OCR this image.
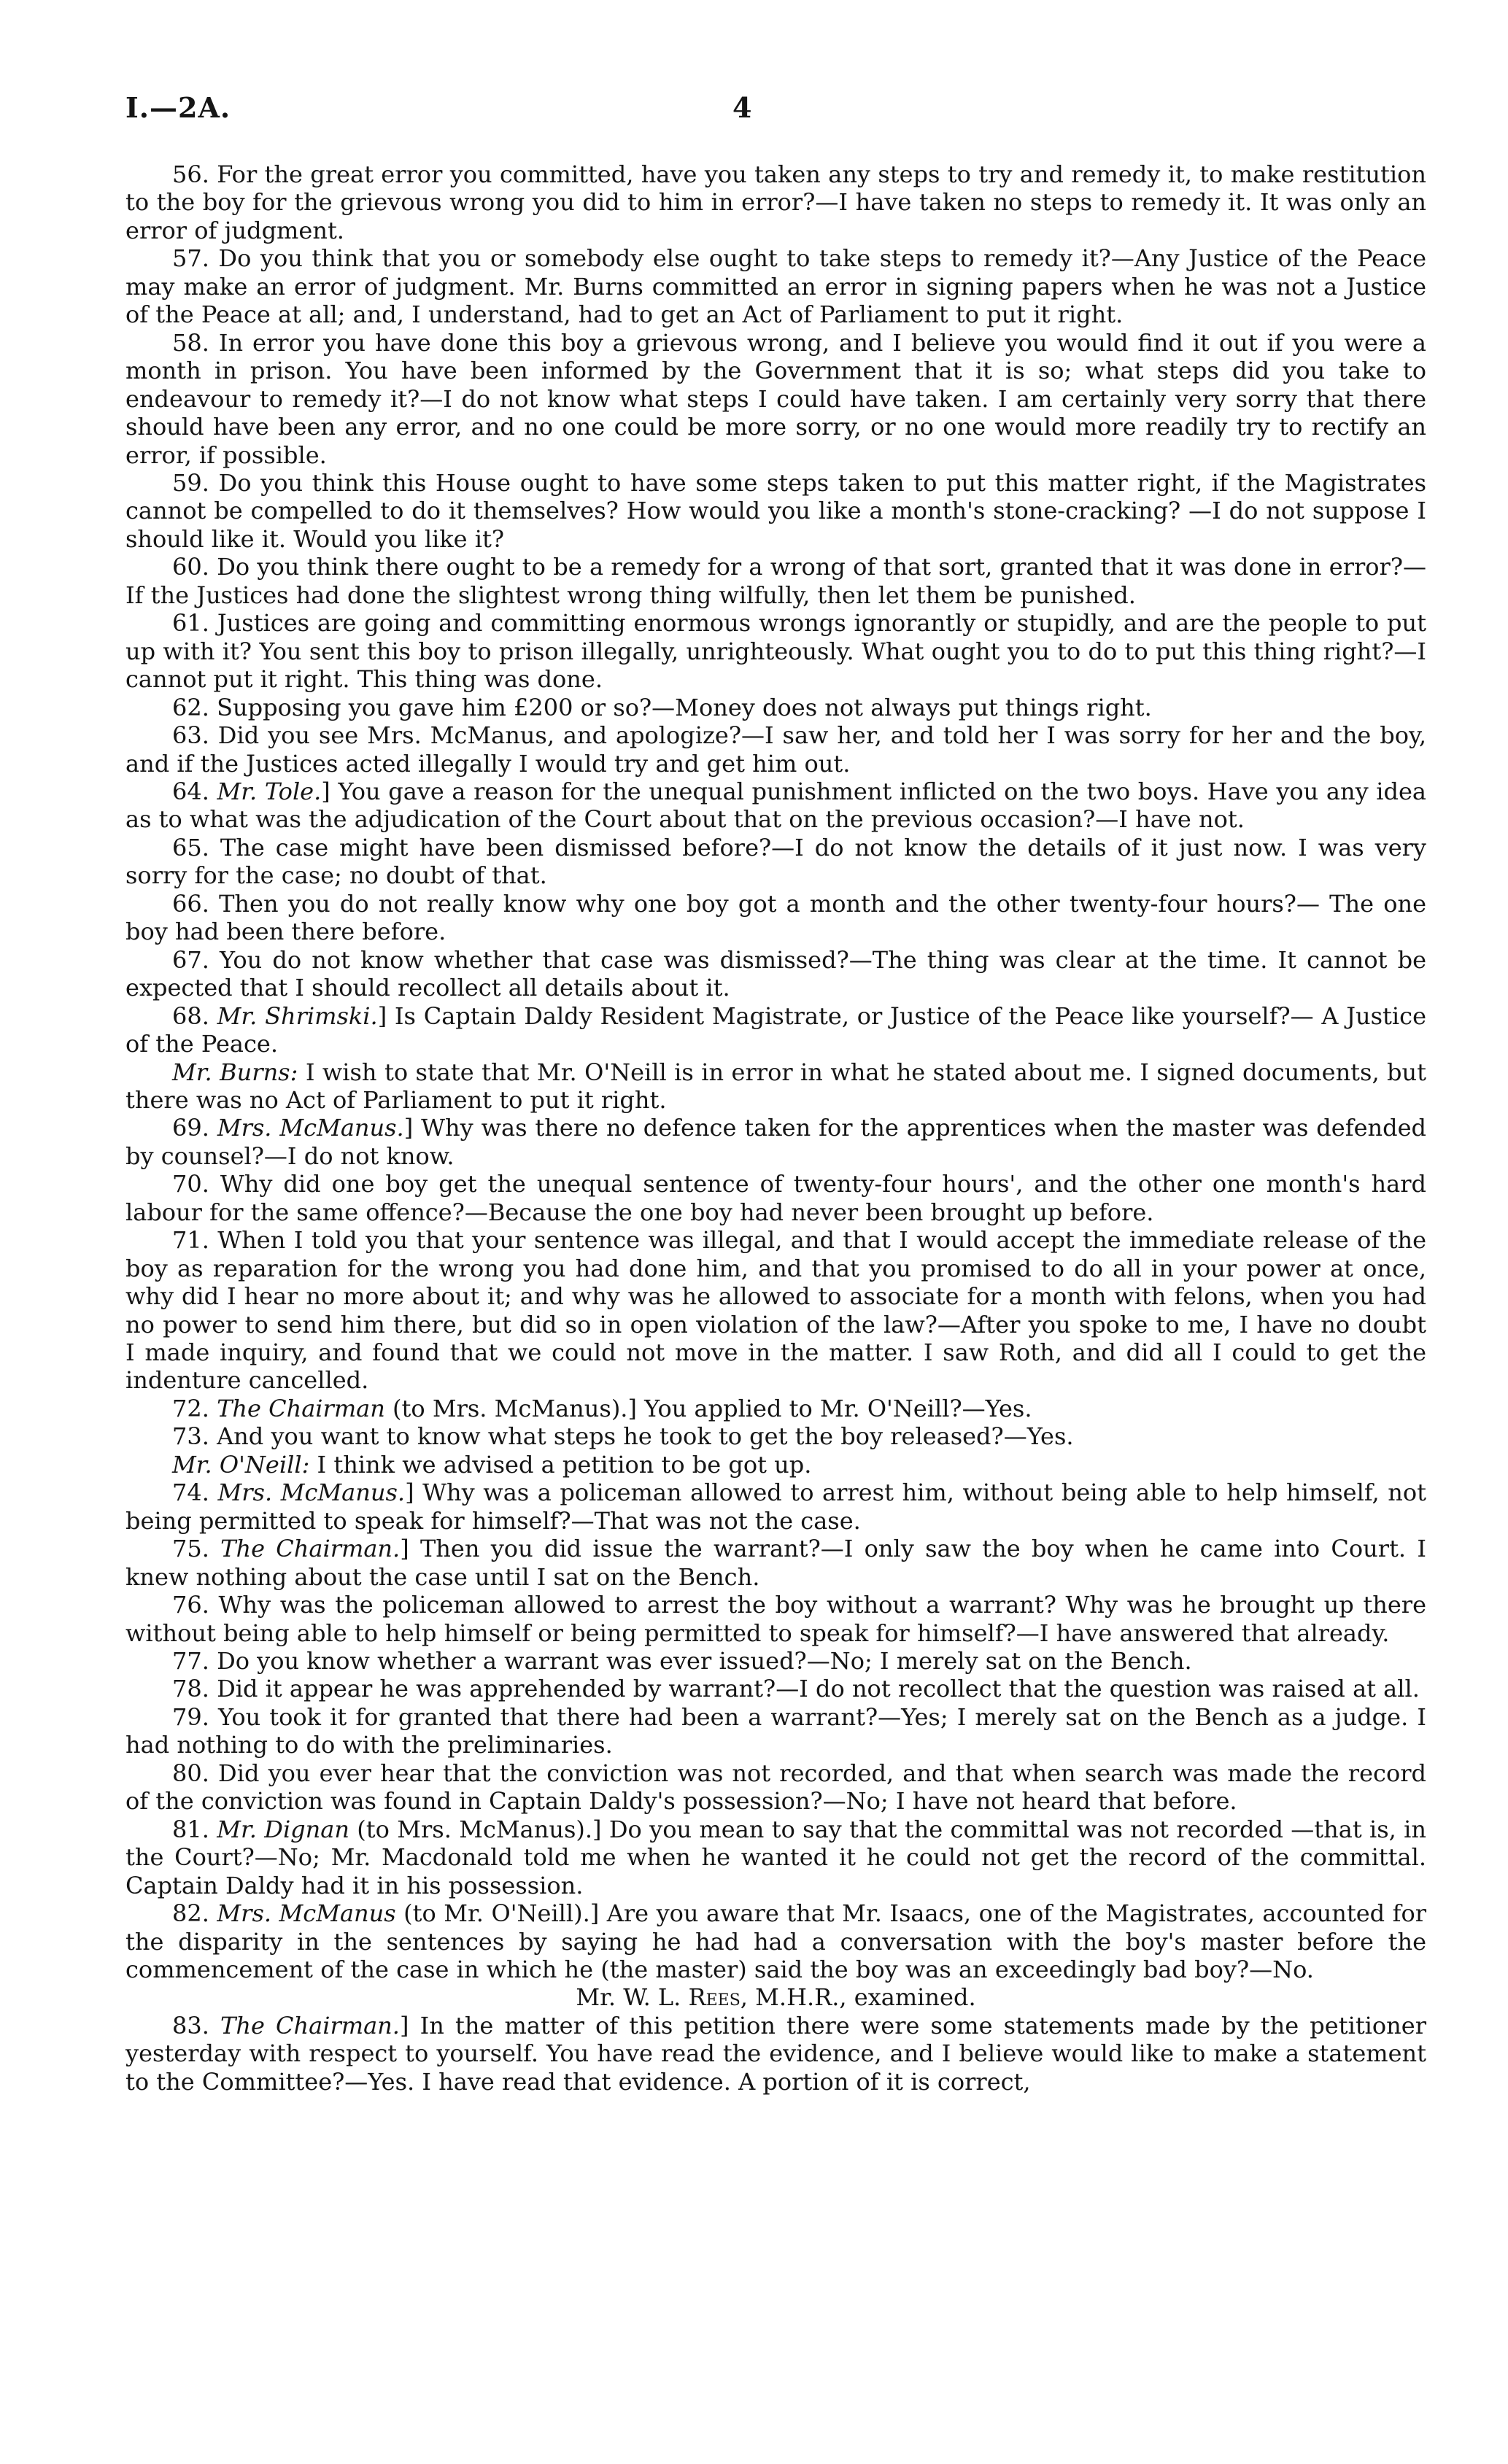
I.—2A.	4

56. For the great error you committed, have you taken any steps to try and remedy it, to make restitution to the boy for the grievous wrong you did to him in error?—I have taken no steps to remedy it. It was only an error of judgment.

57. Do you think that you or somebody else ought to take steps to remedy it?—Any Justice of the Peace may make an error of judgment. Mr. Burns committed an error in signing papers when he was not a Justice of the Peace at all; and, I understand, had to get an Act of Parliament to put it right.

58. In error you have done this boy a grievous wrong, and I believe you would find it out if you were a month in prison. You have been informed by the Government that it is so; what steps did you take to endeavour to remedy it?—I do not know what steps I could have taken. I am certainly very sorry that there should have been any error, and no one could be more sorry, or no one would more readily try to rectify an error, if possible.

59. Do you think this House ought to have some steps taken to put this matter right, if the Magistrates cannot be compelled to do it themselves? How would you like a month's stone-cracking? —I do not suppose I should like it. Would you like it?

60. Do you think there ought to be a remedy for a wrong of that sort, granted that it was done in error?—If the Justices had done the slightest wrong thing wilfully, then let them be punished.

61. Justices are going and committing enormous wrongs ignorantly or stupidly, and are the people to put up with it? You sent this boy to prison illegally, unrighteously. What ought you to do to put this thing right?—I cannot put it right. This thing was done.

62. Supposing you gave him £200 or so?—Money does not always put things right.

63. Did you see Mrs. McManus, and apologize?—I saw her, and told her I was sorry for her and the boy, and if the Justices acted illegally I would try and get him out.

64. Mr. Tole.] You gave a reason for the unequal punishment inflicted on the two boys. Have you any idea as to what was the adjudication of the Court about that on the previous occasion?—I have not.

65. The case might have been dismissed before?—I do not know the details of it just now. I was very sorry for the case; no doubt of that.

66. Then you do not really know why one boy got a month and the other twenty-four hours?— The one boy had been there before.

67. You do not know whether that case was dismissed?—The thing was clear at the time. It cannot be expected that I should recollect all details about it.

68. Mr. Shrimski.] Is Captain Daldy Resident Magistrate, or Justice of the Peace like yourself?— A Justice of the Peace.

Mr. Burns: I wish to state that Mr. O'Neill is in error in what he stated about me. I signed documents, but there was no Act of Parliament to put it right.

69. Mrs. McManus.] Why was there no defence taken for the apprentices when the master was defended by counsel?—I do not know.

70. Why did one boy get the unequal sentence of twenty-four hours', and the other one month's hard labour for the same offence?—Because the one boy had never been brought up before.

71. When I told you that your sentence was illegal, and that I would accept the immediate release of the boy as reparation for the wrong you had done him, and that you promised to do all in your power at once, why did I hear no more about it; and why was he allowed to associate for a month with felons, when you had no power to send him there, but did so in open violation of the law?—After you spoke to me, I have no doubt I made inquiry, and found that we could not move in the matter. I saw Roth, and did all I could to get the indenture cancelled.

72. The Chairman (to Mrs. McManus).] You applied to Mr. O'Neill?—Yes.

73. And you want to know what steps he took to get the boy released?—Yes.

Mr. O'Neill: I think we advised a petition to be got up.

74. Mrs. McManus.] Why was a policeman allowed to arrest him, without being able to help himself, not being permitted to speak for himself?—That was not the case.

75. The Chairman.] Then you did issue the warrant?—I only saw the boy when he came into Court. I knew nothing about the case until I sat on the Bench.

76. Why was the policeman allowed to arrest the boy without a warrant? Why was he brought up there without being able to help himself or being permitted to speak for himself?—I have answered that already.

77. Do you know whether a warrant was ever issued?—No; I merely sat on the Bench.

78. Did it appear he was apprehended by warrant?—I do not recollect that the question was raised at all.

79. You took it for granted that there had been a warrant?—Yes; I merely sat on the Bench as a judge. I had nothing to do with the preliminaries.

80. Did you ever hear that the conviction was not recorded, and that when search was made the record of the conviction was found in Captain Daldy's possession?—No; I have not heard that before.

81. Mr. Dignan (to Mrs. McManus).] Do you mean to say that the committal was not recorded —that is, in the Court?—No; Mr. Macdonald told me when he wanted it he could not get the record of the committal. Captain Daldy had it in his possession.

82. Mrs. McManus (to Mr. O'Neill).] Are you aware that Mr. Isaacs, one of the Magistrates, accounted for the disparity in the sentences by saying he had had a conversation with the boy's master before the commencement of the case in which he (the master) said the boy was an exceedingly bad boy?—No.

Mr. W. L. Rees, M.H.R., examined.

83. The Chairman.] In the matter of this petition there were some statements made by the petitioner yesterday with respect to yourself. You have read the evidence, and I believe would like to make a statement to the Committee?—Yes. I have read that evidence. A portion of it is correct,
